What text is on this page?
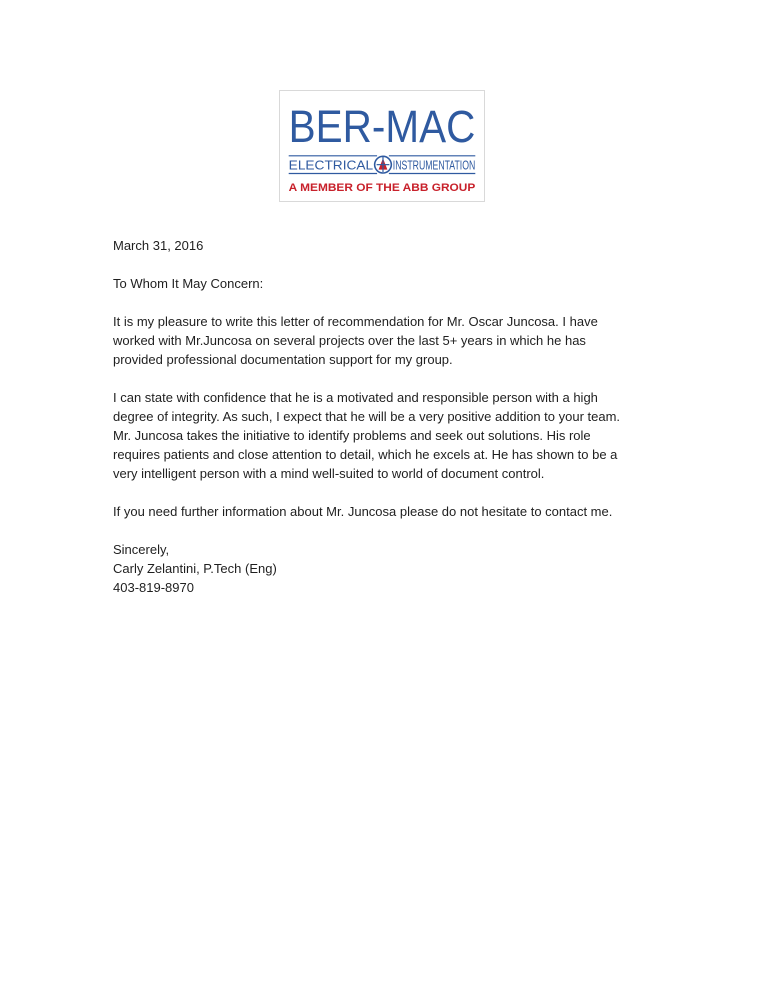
BER-MAC
ELECTRICAL INSTRUMENTATION
A MEMBER OF THE ABB GROUP

March 31, 2016

To Whom It May Concern:

It is my pleasure to write this letter of recommendation for Mr. Oscar Juncosa. I have
worked with Mr.Juncosa on several projects over the last 5+ years in which he has
provided professional documentation support for my group.
I can state with confidence that he is a motivated and responsible person with a high
degree of integrity. As such, I expect that he will be a very positive addition to your team.
Mr. Juncosa takes the initiative to identify problems and seek out solutions. His role
requires patients and close attention to detail, which he excels at. He has shown to be a
very intelligent person with a mind well-suited to world of document control.

If you need further information about Mr. Juncosa please do not hesitate to contact me.

Sincerely,

Carly Zelantini, P.Tech (Eng)

403-819-8970
